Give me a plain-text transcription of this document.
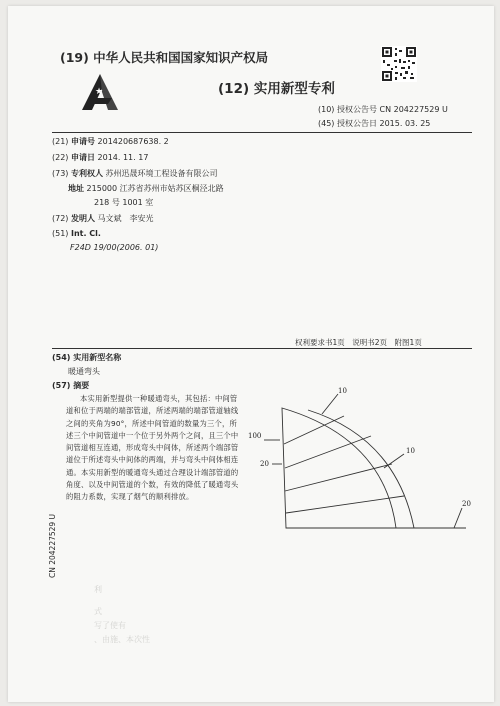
★
(19) 中华人民共和国国家知识产权局
(12) 实用新型专利
(10) 授权公告号 CN 204227529 U
(45) 授权公告日 2015. 03. 25
(21) 申请号 201420687638. 2
(22) 申请日 2014. 11. 17
(73) 专利权人 苏州迅晟环境工程设备有限公司
地址 215000 江苏省苏州市姑苏区桐泾北路
218 号 1001 室
(72) 发明人 马文斌　李安光
(51) Int. Cl.
F24D 19/00(2006. 01)
权利要求书1页　说明书2页　附图1页
(54) 实用新型名称
暖通弯头
(57) 摘要
本实用新型提供一种暖通弯头，其包括：中间管道和位于两端的端部管道，所述两端的端部管道轴线之间的夹角为90°，所述中间管道的数量为三个，所述三个中间管道中一个位于另外两个之间，且三个中间管道相互连通，形成弯头中间体，所述两个端部管道位于所述弯头中间体的两端，并与弯头中间体相连通。本实用新型的暖通弯头通过合理设计端部管道的角度、以及中间管道的个数，有效的降低了暖通弯头的阻力系数，实现了烟气的顺利排放。
利
式
写了使有
、由施、本次性
10
10
20
100
20
CN 204227529 U
